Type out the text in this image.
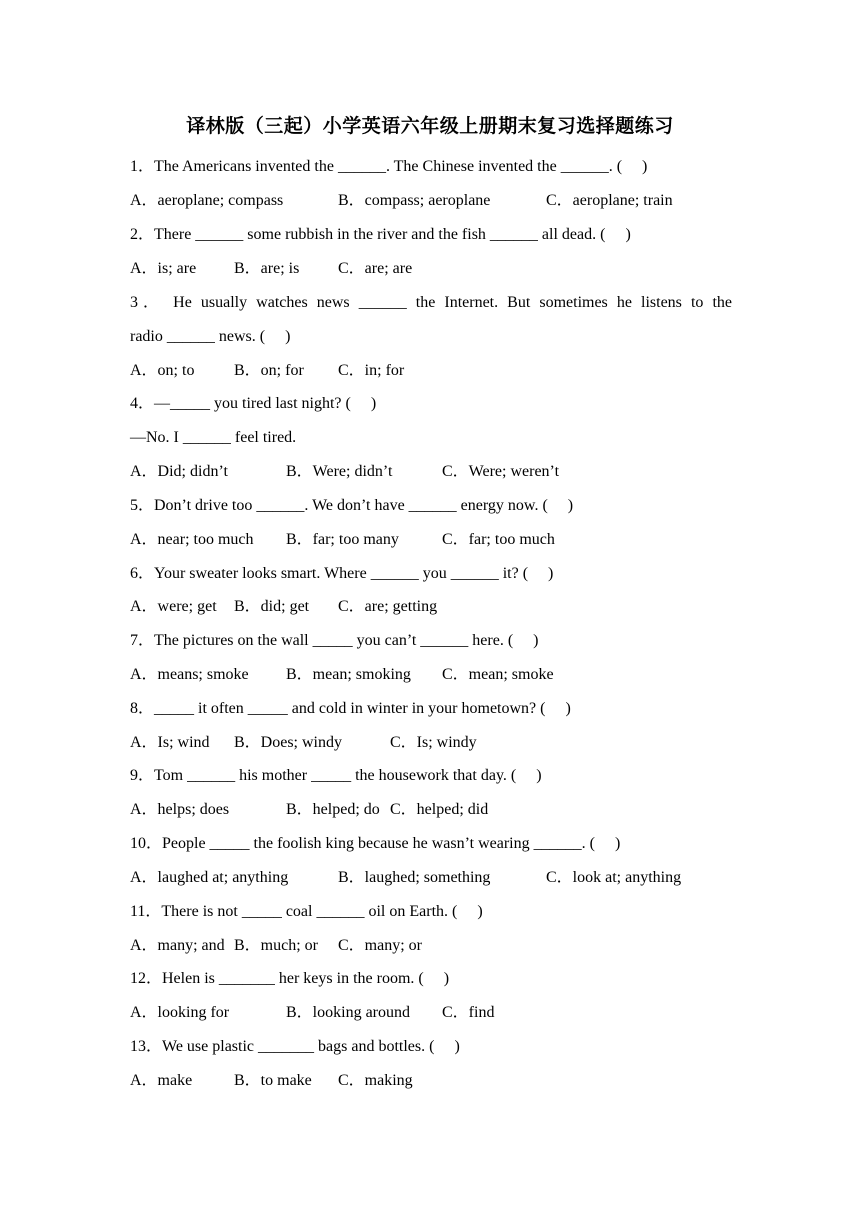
译林版（三起）小学英语六年级上册期末复习选择题练习
1．The Americans invented the ______. The Chinese invented the ______. (     )
A．aeroplane; compass	B．compass; aeroplane	C．aeroplane; train
2．There ______ some rubbish in the river and the fish ______ all dead. (     )
A．is; are B．are; is C．are; are
3． He usually watches news ______ the Internet. But sometimes he listens to the
radio ______ news. (     )
A．on; to B．on; for C．in; for
4．—_____ you tired last night? (     )
—No. I ______ feel tired.
A．Did; didn’t	B．Were; didn’t	C．Were; weren’t
5．Don’t drive too ______. We don’t have ______ energy now. (     )
A．near; too much B．far; too many	C．far; too much
6．Your sweater looks smart. Where ______ you ______ it? (     )
A．were; get B．did; get C．are; getting
7．The pictures on the wall _____ you can’t ______ here. (     )
A．means; smoke B．mean; smoking C．mean; smoke
8．_____ it often _____ and cold in winter in your hometown? (     )
A．Is; wind B．Does; windy	C．Is; windy
9．Tom ______ his mother _____ the housework that day. (     )
A．helps; does	B．helped; do C．helped; did
10．People _____ the foolish king because he wasn’t wearing ______. (     )
A．laughed at; anything	B．laughed; something	C．look at; anything
11．There is not _____ coal ______ oil on Earth. (     )
A．many; and B．much; or C．many; or
12．Helen is _______ her keys in the room. (     )
A．looking for	B．looking around C．find
13．We use plastic _______ bags and bottles. (     )
A．make	B．to make C．making
